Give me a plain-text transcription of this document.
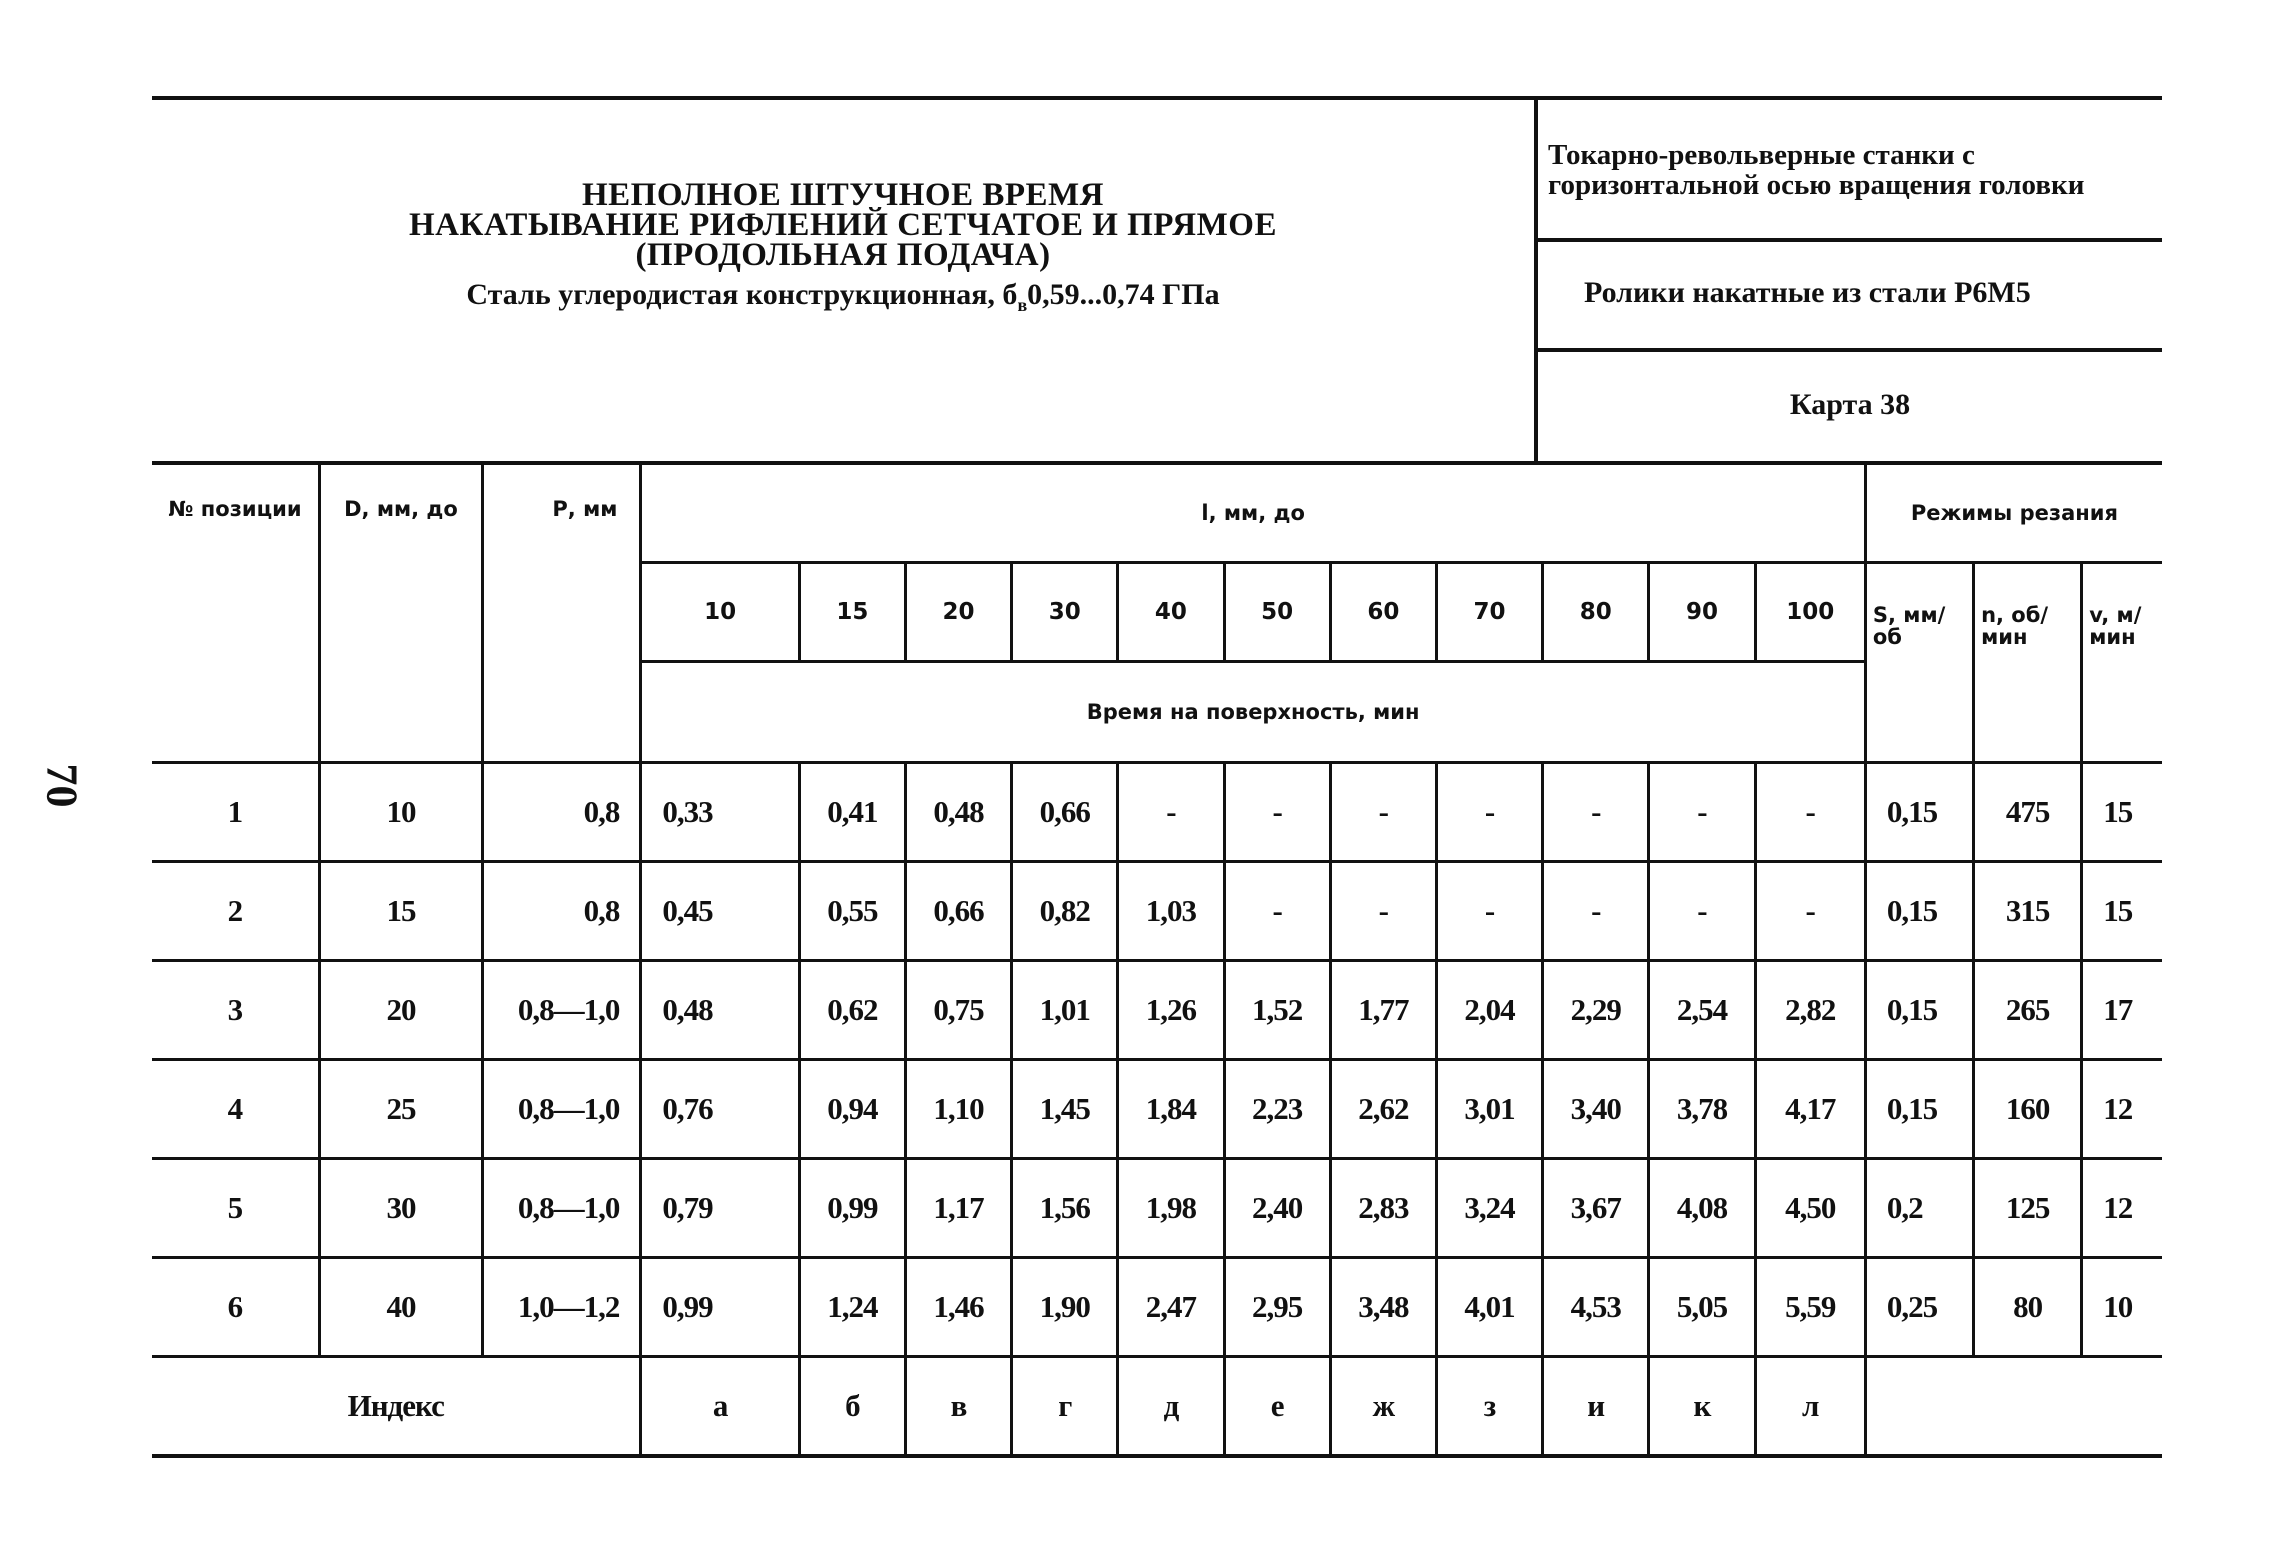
70
НЕПОЛНОЕ ШТУЧНОЕ ВРЕМЯ
НАКАТЫВАНИЕ РИФЛЕНИЙ СЕТЧАТОЕ И ПРЯМОЕ
(ПРОДОЛЬНАЯ ПОДАЧА)
Сталь углеродистая конструкционная, $б_в0,59...0,74$ ГПа
Токарно-револьверные станки с
горизонтальной осью вращения головки
Ролики накатные из стали Р6М5
Карта 38
№ позиции	D, мм, до	Р, мм	l, мм, до											Режимы резания		
			10	15	20	30	40	50	60	70	80	90	100	S, мм/об	n, об/мин	v, м/мин
			Время на поверхность, мин													
1	10	0,8	0,33	0,41	0,48	0,66	-	-	-	-	-	-	-	0,15	475	15
2	15	0,8	0,45	0,55	0,66	0,82	1,03	-	-	-	-	-	-	0,15	315	15
3	20	0,8—1,0	0,48	0,62	0,75	1,01	1,26	1,52	1,77	2,04	2,29	2,54	2,82	0,15	265	17
4	25	0,8—1,0	0,76	0,94	1,10	1,45	1,84	2,23	2,62	3,01	3,40	3,78	4,17	0,15	160	12
5	30	0,8—1,0	0,79	0,99	1,17	1,56	1,98	2,40	2,83	3,24	3,67	4,08	4,50	0,2	125	12
6	40	1,0—1,2	0,99	1,24	1,46	1,90	2,47	2,95	3,48	4,01	4,53	5,05	5,59	0,25	80	10
Индекс			а	б	в	г	д	е	ж	з	и	к	л			
